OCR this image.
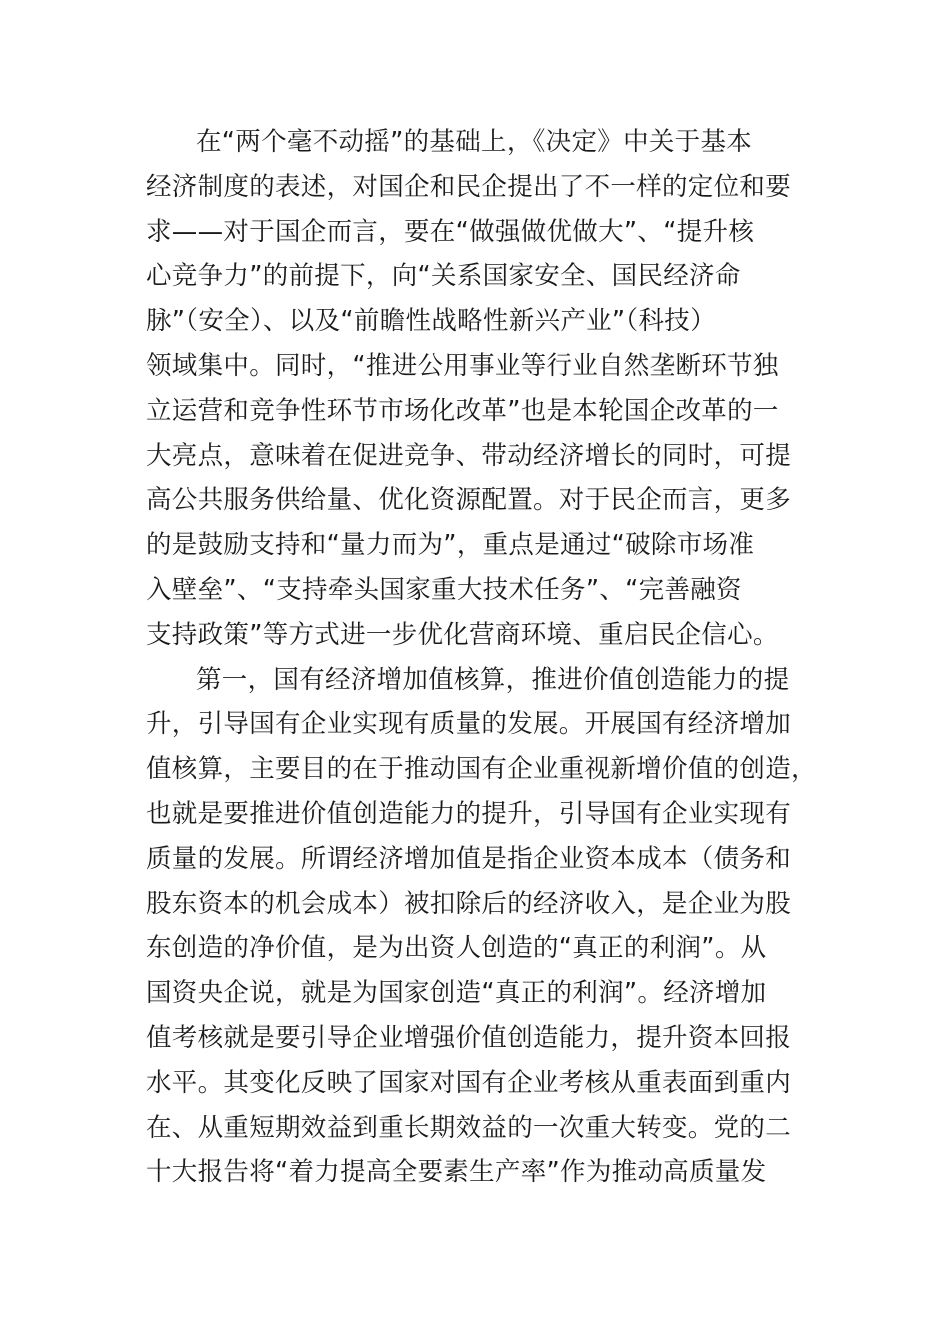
在“两个毫不动摇”的基础上，《决定》中关于基本
经济制度的表述，对国企和民企提出了不一样的定位和要
求——对于国企而言，要在“做强做优做大”、“提升核
心竞争力”的前提下，向“关系国家安全、国民经济命
脉”（安全）、以及“前瞻性战略性新兴产业”（科技）
领域集中。同时，“推进公用事业等行业自然垄断环节独
立运营和竞争性环节市场化改革”也是本轮国企改革的一
大亮点，意味着在促进竞争、带动经济增长的同时，可提
高公共服务供给量、优化资源配置。对于民企而言，更多
的是鼓励支持和“量力而为”，重点是通过“破除市场准
入壁垒”、“支持牵头国家重大技术任务”、“完善融资
支持政策”等方式进一步优化营商环境、重启民企信心。
第一，国有经济增加值核算，推进价值创造能力的提
升，引导国有企业实现有质量的发展。开展国有经济增加
值核算，主要目的在于推动国有企业重视新增价值的创造，
也就是要推进价值创造能力的提升，引导国有企业实现有
质量的发展。所谓经济增加值是指企业资本成本（债务和
股东资本的机会成本）被扣除后的经济收入，是企业为股
东创造的净价值，是为出资人创造的“真正的利润”。从
国资央企说，就是为国家创造“真正的利润”。经济增加
值考核就是要引导企业增强价值创造能力，提升资本回报
水平。其变化反映了国家对国有企业考核从重表面到重内
在、从重短期效益到重长期效益的一次重大转变。党的二
十大报告将“着力提高全要素生产率”作为推动高质量发
